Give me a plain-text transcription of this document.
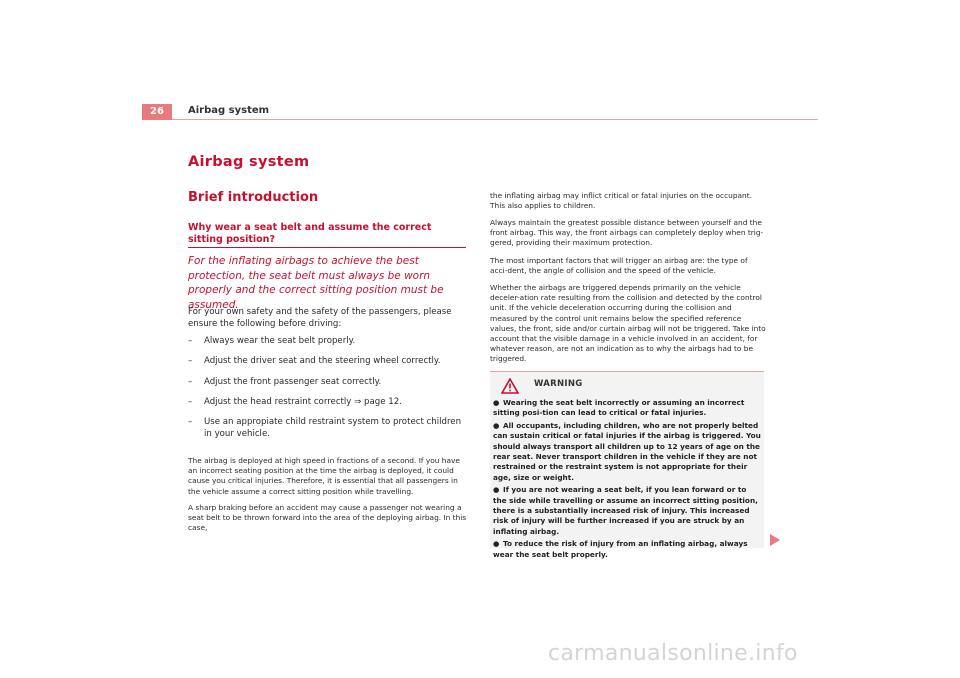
26	Airbag system
Airbag system
Brief introduction
Why wear a seat belt and assume the correct sitting position?
For the inflating airbags to achieve the best protection, the seat belt must always be worn properly and the correct sitting position must be assumed.
For your own safety and the safety of the passengers, please ensure the following before driving:
– Always wear the seat belt properly.
– Adjust the driver seat and the steering wheel correctly.
– Adjust the front passenger seat correctly.
– Adjust the head restraint correctly ⇒ page 12.
– Use an appropiate child restraint system to protect children in your vehicle.
The airbag is deployed at high speed in fractions of a second. If you have an incorrect seating position at the time the airbag is deployed, it could cause you critical injuries. Therefore, it is essential that all passengers in the vehicle assume a correct sitting position while travelling.
A sharp braking before an accident may cause a passenger not wearing a seat belt to be thrown forward into the area of the deploying airbag. In this case,
the inflating airbag may inflict critical or fatal injuries on the occupant. This also applies to children.
Always maintain the greatest possible distance between yourself and the front airbag. This way, the front airbags can completely deploy when trig-gered, providing their maximum protection.
The most important factors that will trigger an airbag are: the type of acci-dent, the angle of collision and the speed of the vehicle.
Whether the airbags are triggered depends primarily on the vehicle deceler-ation rate resulting from the collision and detected by the control unit. If the vehicle deceleration occurring during the collision and measured by the control unit remains below the specified reference values, the front, side and/or curtain airbag will not be triggered. Take into account that the visible damage in a vehicle involved in an accident, for whatever reason, are not an indication as to why the airbags had to be triggered.
WARNING
● Wearing the seat belt incorrectly or assuming an incorrect sitting posi-tion can lead to critical or fatal injuries.
● All occupants, including children, who are not properly belted can sustain critical or fatal injuries if the airbag is triggered. You should always transport all children up to 12 years of age on the rear seat. Never transport children in the vehicle if they are not restrained or the restraint system is not appropriate for their age, size or weight.
● If you are not wearing a seat belt, if you lean forward or to the side while travelling or assume an incorrect sitting position, there is a substantially increased risk of injury. This increased risk of injury will be further increased if you are struck by an inflating airbag.
● To reduce the risk of injury from an inflating airbag, always wear the seat belt properly.
carmanualsonline.info
